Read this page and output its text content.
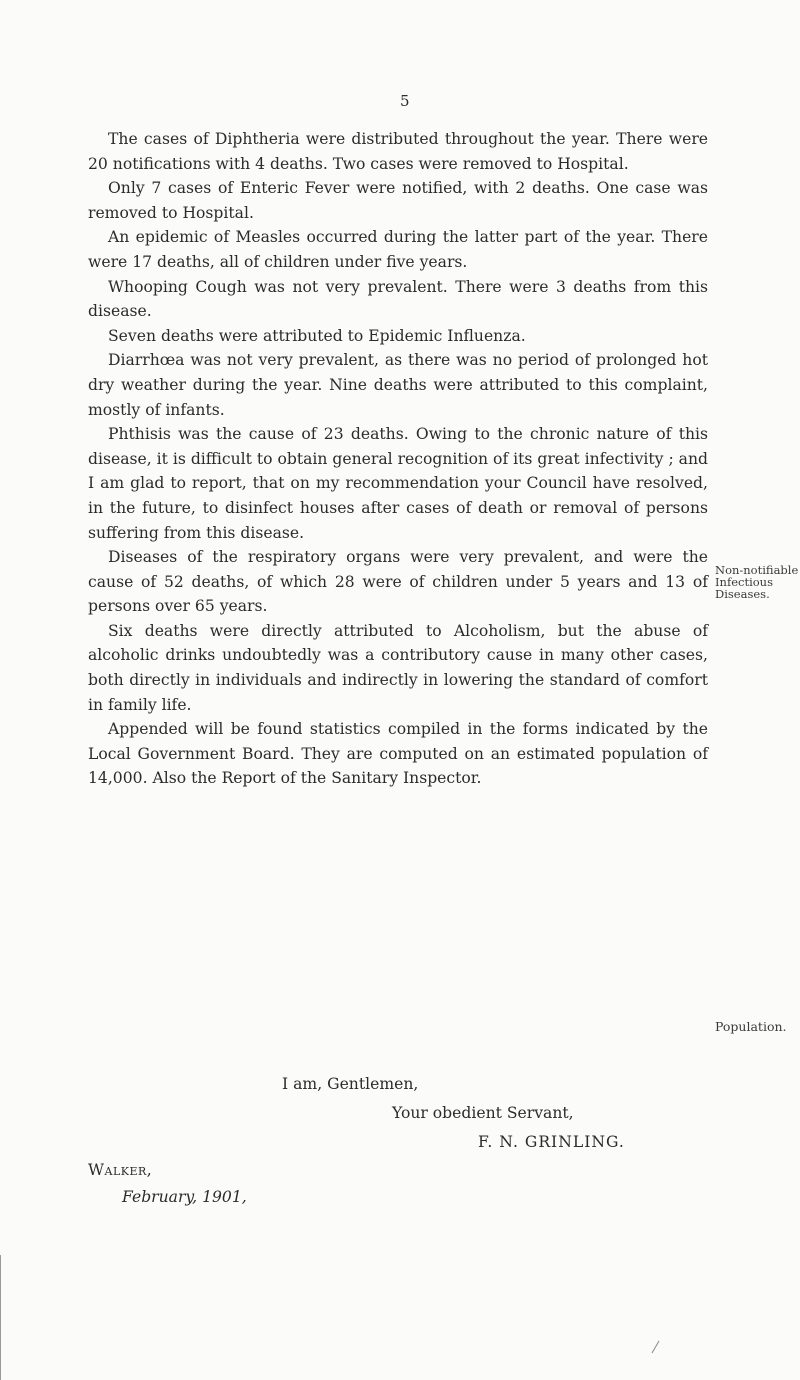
5

The cases of Diphtheria were distributed throughout the year. There were 20 notifications with 4 deaths. Two cases were removed to Hospital.

Only 7 cases of Enteric Fever were notified, with 2 deaths. One case was removed to Hospital.

An epidemic of Measles occurred during the latter part of the year. There were 17 deaths, all of children under five years.

Whooping Cough was not very prevalent. There were 3 deaths from this disease.

Seven deaths were attributed to Epidemic Influenza.

Diarrhœa was not very prevalent, as there was no period of prolonged hot dry weather during the year. Nine deaths were attributed to this complaint, mostly of infants.

Phthisis was the cause of 23 deaths. Owing to the chronic nature of this disease, it is difficult to obtain general recognition of its great infectivity ; and I am glad to report, that on my recommendation your Council have resolved, in the future, to disinfect houses after cases of death or removal of persons suffering from this disease.

Diseases of the respiratory organs were very prevalent, and were the cause of 52 deaths, of which 28 were of children under 5 years and 13 of persons over 65 years.

Six deaths were directly attributed to Alcoholism, but the abuse of alcoholic drinks undoubtedly was a contributory cause in many other cases, both directly in individuals and indirectly in lowering the standard of comfort in family life.

Appended will be found statistics compiled in the forms indicated by the Local Government Board. They are computed on an estimated population of 14,000. Also the Report of the Sanitary Inspector.

Non-notifiable
Infectious
Diseases.
Population.
I am, Gentlemen,
Your obedient Servant,
F. N. GRINLING.
Walker,
February, 1901,
